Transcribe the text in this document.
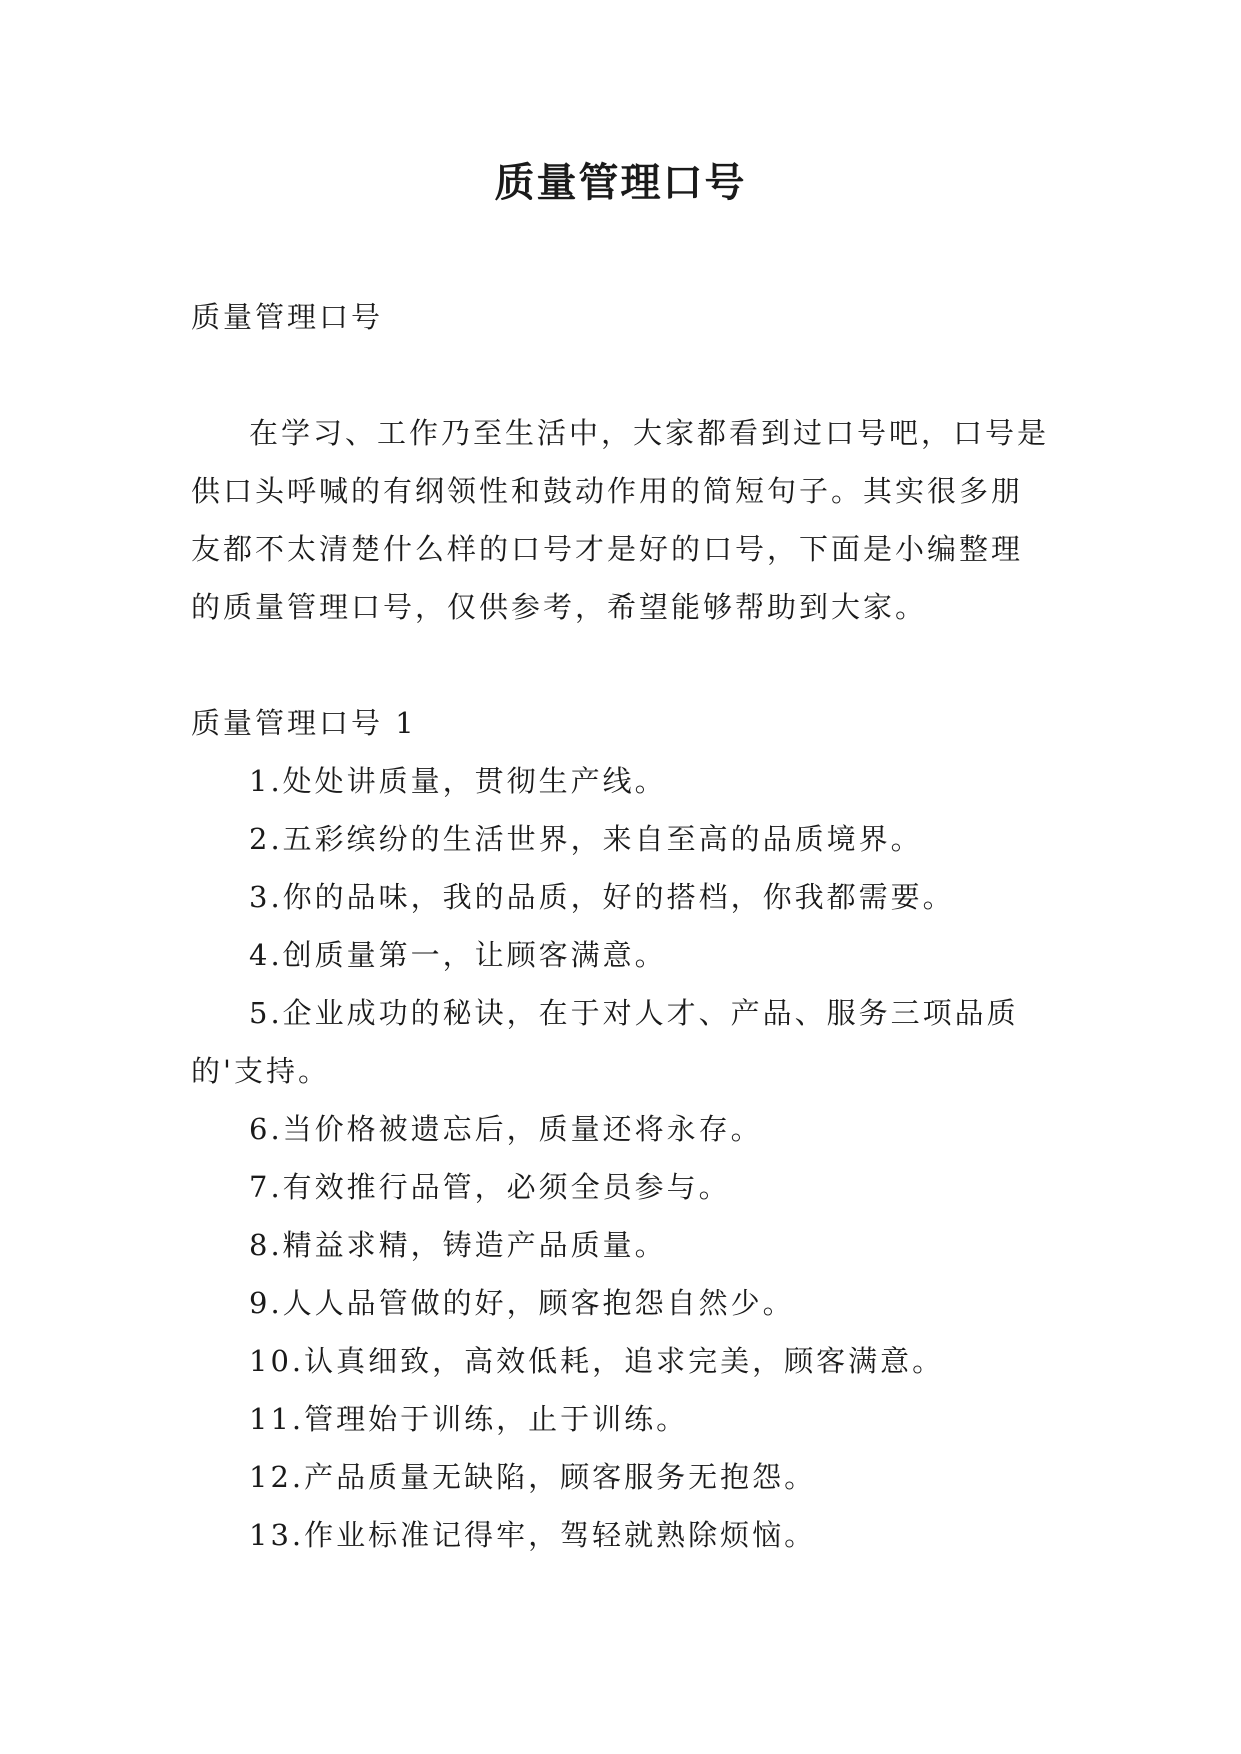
质量管理口号

质量管理口号

在学习、工作乃至生活中，大家都看到过口号吧，口号是供口头呼喊的有纲领性和鼓动作用的简短句子。其实很多朋友都不太清楚什么样的口号才是好的口号，下面是小编整理的质量管理口号，仅供参考，希望能够帮助到大家。

质量管理口号 1

1.处处讲质量，贯彻生产线。
2.五彩缤纷的生活世界，来自至高的品质境界。
3.你的品味，我的品质，好的搭档，你我都需要。
4.创质量第一，让顾客满意。
5.企业成功的秘诀，在于对人才、产品、服务三项品质的'支持。
6.当价格被遗忘后，质量还将永存。
7.有效推行品管，必须全员参与。
8.精益求精，铸造产品质量。
9.人人品管做的好，顾客抱怨自然少。
10.认真细致，高效低耗，追求完美，顾客满意。
11.管理始于训练，止于训练。
12.产品质量无缺陷，顾客服务无抱怨。
13.作业标准记得牢，驾轻就熟除烦恼。
